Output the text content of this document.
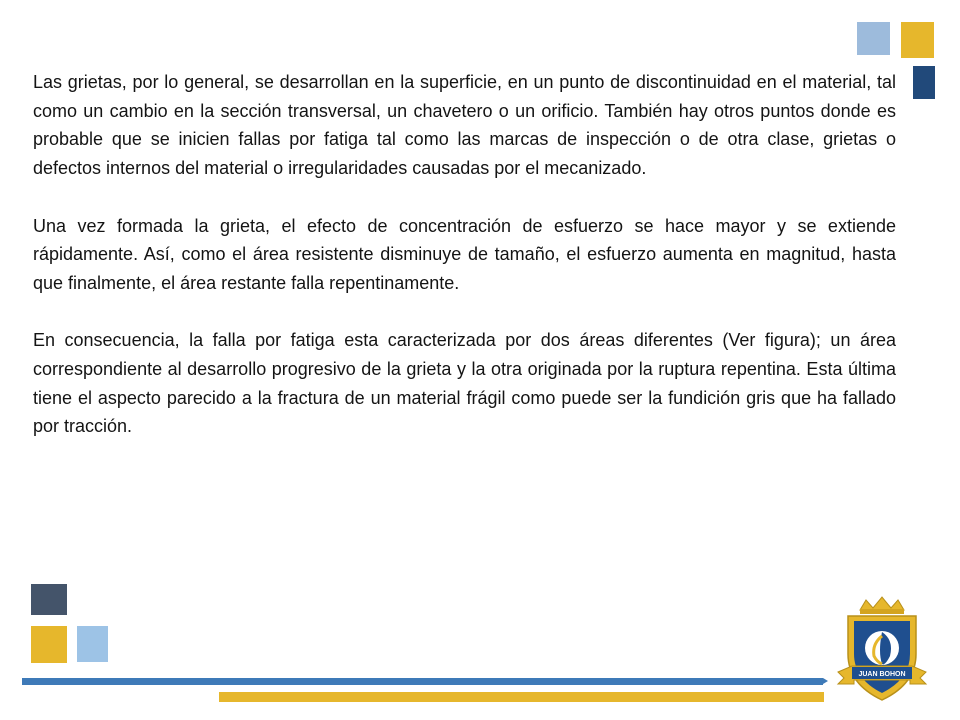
Las grietas, por lo general, se desarrollan en la superficie, en un punto de discontinuidad en el material, tal como un cambio en la sección transversal, un chavetero o un orificio. También hay otros puntos donde es probable que se inicien fallas por fatiga tal como las marcas de inspección o de otra clase, grietas o defectos internos del material o irregularidades causadas por el mecanizado.

Una vez formada la grieta, el efecto de concentración de esfuerzo se hace mayor y se extiende rápidamente. Así, como el área resistente disminuye de tamaño, el esfuerzo aumenta en magnitud, hasta que finalmente, el área restante falla repentinamente.

En consecuencia, la falla por fatiga esta caracterizada por dos áreas diferentes (Ver figura); un área correspondiente al desarrollo progresivo de la grieta y la otra originada por la ruptura repentina. Esta última tiene el aspecto parecido a la fractura de un material frágil como puede ser la fundición gris que ha fallado por tracción.

JUAN BOHON
